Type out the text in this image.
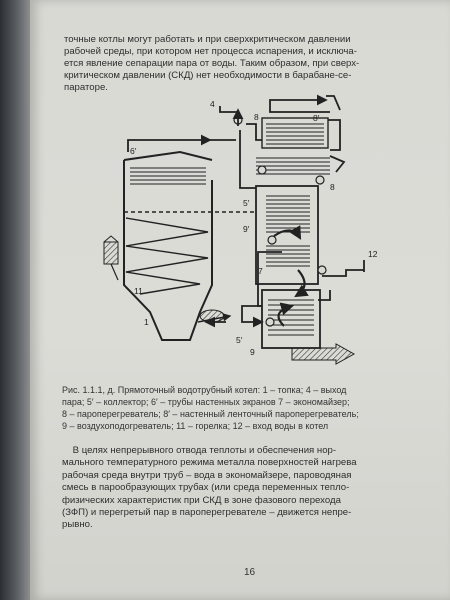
точные котлы могут работать и при сверхкритическом давлении
рабочей среды, при котором нет процесса испарения, и исключа-
ется явление сепарации пара от воды. Таким образом, при сверх-
критическом давлении (СКД) нет необходимости в барабане-се-
параторе.

4
8	8′
6′
8
5′
9′
7
12
11
1
5′
9

Рис. 1.1.1, д. Прямоточный водотрубный котел: 1 – топка; 4 – выход
пара; 5′ – коллектор; 6′ – трубы настенных экранов 7 – экономайзер;
8 – пароперегреватель; 8′ – настенный ленточный пароперегреватель;
9 – воздухоподогреватель; 11 – горелка; 12 – вход воды в котел

В целях непрерывного отвода теплоты и обеспечения нор-
мального температурного режима металла поверхностей нагрева
рабочая среда внутри труб – вода в экономайзере, пароводяная
смесь в парообразующих трубах (или среда переменных тепло-
физических характеристик при СКД в зоне фазового перехода
(ЗФП) и перегретый пар в пароперегревателе – движется непре-
рывно.

16
